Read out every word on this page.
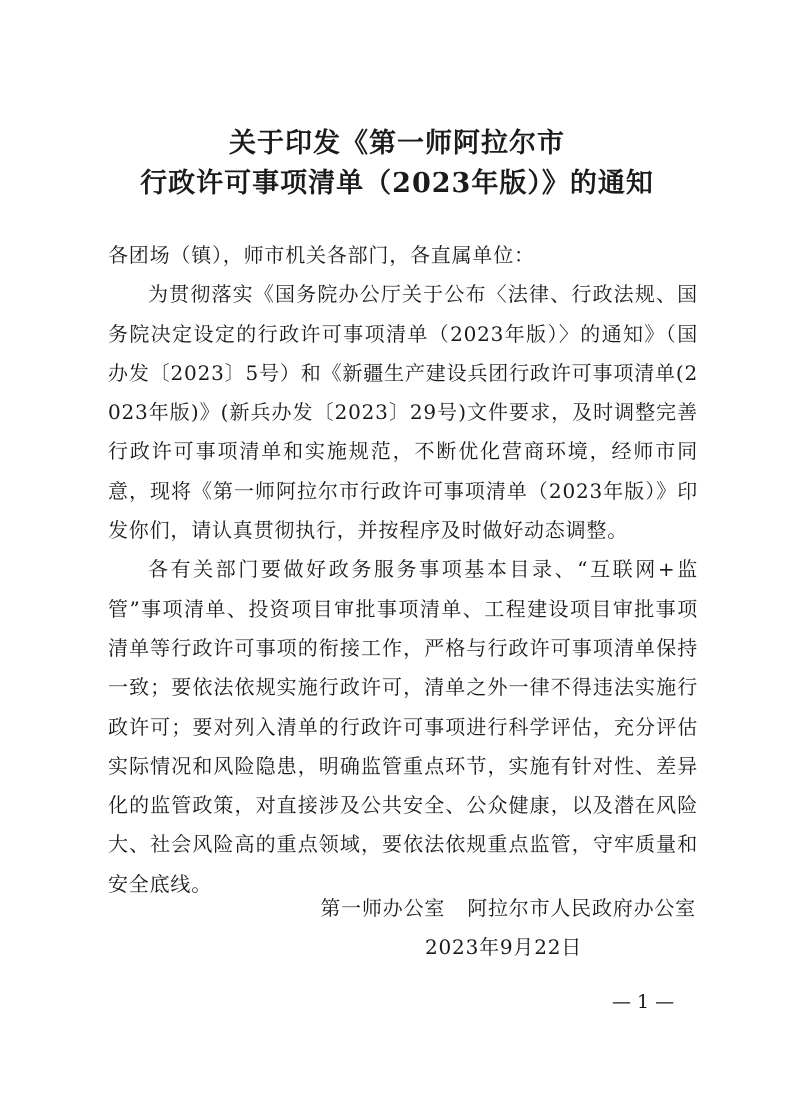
关于印发《第一师阿拉尔市
行政许可事项清单（2023年版）》的通知

各团场（镇），师市机关各部门，各直属单位：

为贯彻落实《国务院办公厅关于公布〈法律、行政法规、国务院决定设定的行政许可事项清单（2023年版）〉的通知》（国办发〔2023〕5号）和《新疆生产建设兵团行政许可事项清单(2023年版)》(新兵办发〔2023〕29号)文件要求，及时调整完善行政许可事项清单和实施规范，不断优化营商环境，经师市同意，现将《第一师阿拉尔市行政许可事项清单（2023年版）》印发你们，请认真贯彻执行，并按程序及时做好动态调整。

各有关部门要做好政务服务事项基本目录、“互联网+监管”事项清单、投资项目审批事项清单、工程建设项目审批事项清单等行政许可事项的衔接工作，严格与行政许可事项清单保持一致；要依法依规实施行政许可，清单之外一律不得违法实施行政许可；要对列入清单的行政许可事项进行科学评估，充分评估实际情况和风险隐患，明确监管重点环节，实施有针对性、差异化的监管政策，对直接涉及公共安全、公众健康，以及潜在风险大、社会风险高的重点领域，要依法依规重点监管，守牢质量和安全底线。

第一师办公室 阿拉尔市人民政府办公室
2023年9月22日
— 1 —
